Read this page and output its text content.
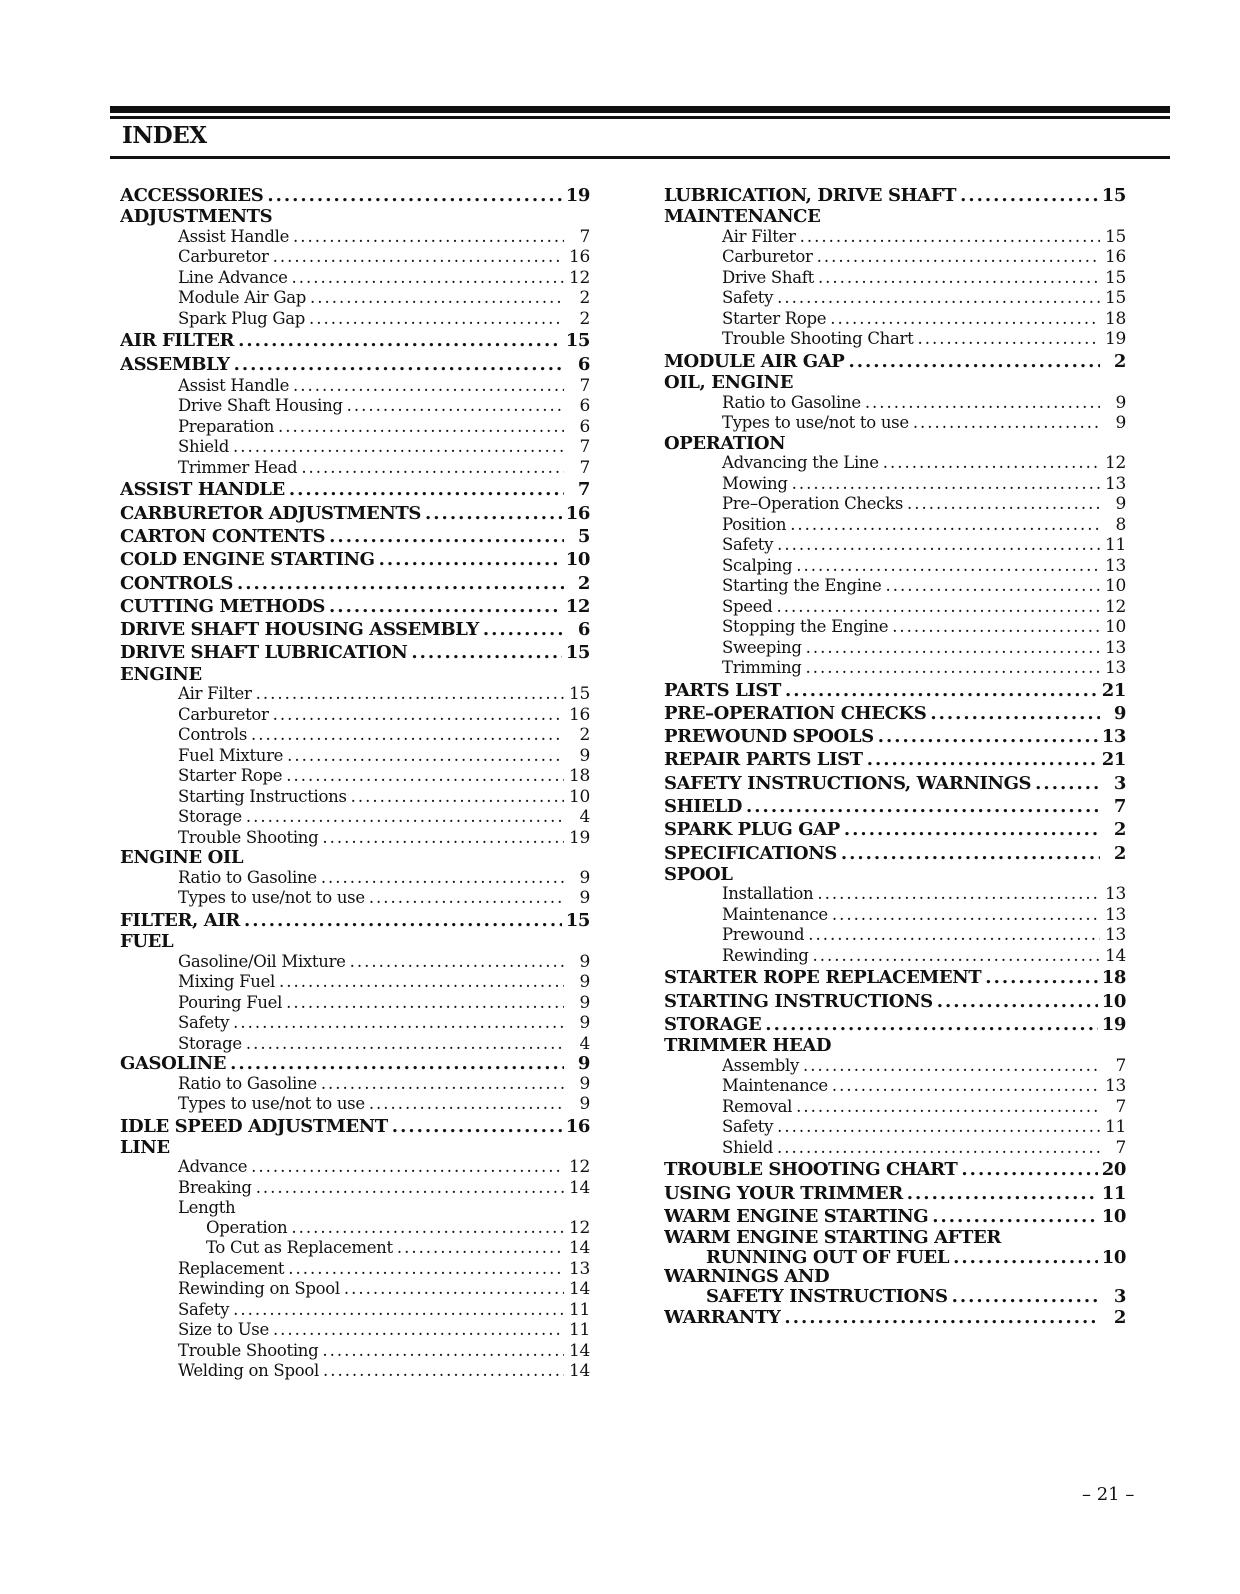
INDEX
ACCESSORIES .....	19
ADJUSTMENTS
Assist Handle .....	7
Carburetor .....	16
Line Advance .....	12
Module Air Gap .....	2
Spark Plug Gap .....	2
AIR FILTER .....	15
ASSEMBLY .....	6
Assist Handle .....	7
Drive Shaft Housing .....	6
Preparation .....	6
Shield .....	7
Trimmer Head .....	7
ASSIST HANDLE .....	7
CARBURETOR ADJUSTMENTS .....	16
CARTON CONTENTS .....	5
COLD ENGINE STARTING .....	10
CONTROLS .....	2
CUTTING METHODS .....	12
DRIVE SHAFT HOUSING ASSEMBLY .....	6
DRIVE SHAFT LUBRICATION .....	15
ENGINE
Air Filter .....	15
Carburetor .....	16
Controls .....	2
Fuel Mixture .....	9
Starter Rope .....	18
Starting Instructions .....	10
Storage .....	4
Trouble Shooting .....	19
ENGINE OIL
Ratio to Gasoline .....	9
Types to use/not to use .....	9
FILTER, AIR .....	15
FUEL
Gasoline/Oil Mixture .....	9
Mixing Fuel .....	9
Pouring Fuel .....	9
Safety .....	9
Storage .....	4
GASOLINE .....	9
Ratio to Gasoline .....	9
Types to use/not to use .....	9
IDLE SPEED ADJUSTMENT .....	16
LINE
Advance .....	12
Breaking .....	14
Length
Operation .....	12
To Cut as Replacement .....	14
Replacement .....	13
Rewinding on Spool .....	14
Safety .....	11
Size to Use .....	11
Trouble Shooting .....	14
Welding on Spool .....	14
LUBRICATION, DRIVE SHAFT .....	15
MAINTENANCE
Air Filter .....	15
Carburetor .....	16
Drive Shaft .....	15
Safety .....	15
Starter Rope .....	18
Trouble Shooting Chart .....	19
MODULE AIR GAP .....	2
OIL, ENGINE
Ratio to Gasoline .....	9
Types to use/not to use .....	9
OPERATION
Advancing the Line .....	12
Mowing .....	13
Pre–Operation Checks .....	9
Position .....	8
Safety .....	11
Scalping .....	13
Starting the Engine .....	10
Speed .....	12
Stopping the Engine .....	10
Sweeping .....	13
Trimming .....	13
PARTS LIST .....	21
PRE–OPERATION CHECKS .....	9
PREWOUND SPOOLS .....	13
REPAIR PARTS LIST .....	21
SAFETY INSTRUCTIONS, WARNINGS .....	3
SHIELD .....	7
SPARK PLUG GAP .....	2
SPECIFICATIONS .....	2
SPOOL
Installation .....	13
Maintenance .....	13
Prewound .....	13
Rewinding .....	14
STARTER ROPE REPLACEMENT .....	18
STARTING INSTRUCTIONS .....	10
STORAGE .....	19
TRIMMER HEAD
Assembly .....	7
Maintenance .....	13
Removal .....	7
Safety .....	11
Shield .....	7
TROUBLE SHOOTING CHART .....	20
USING YOUR TRIMMER .....	11
WARM ENGINE STARTING .....	10
WARM ENGINE STARTING AFTER
RUNNING OUT OF FUEL .....	10
WARNINGS AND
SAFETY INSTRUCTIONS .....	3
WARRANTY .....	2
– 21 –
